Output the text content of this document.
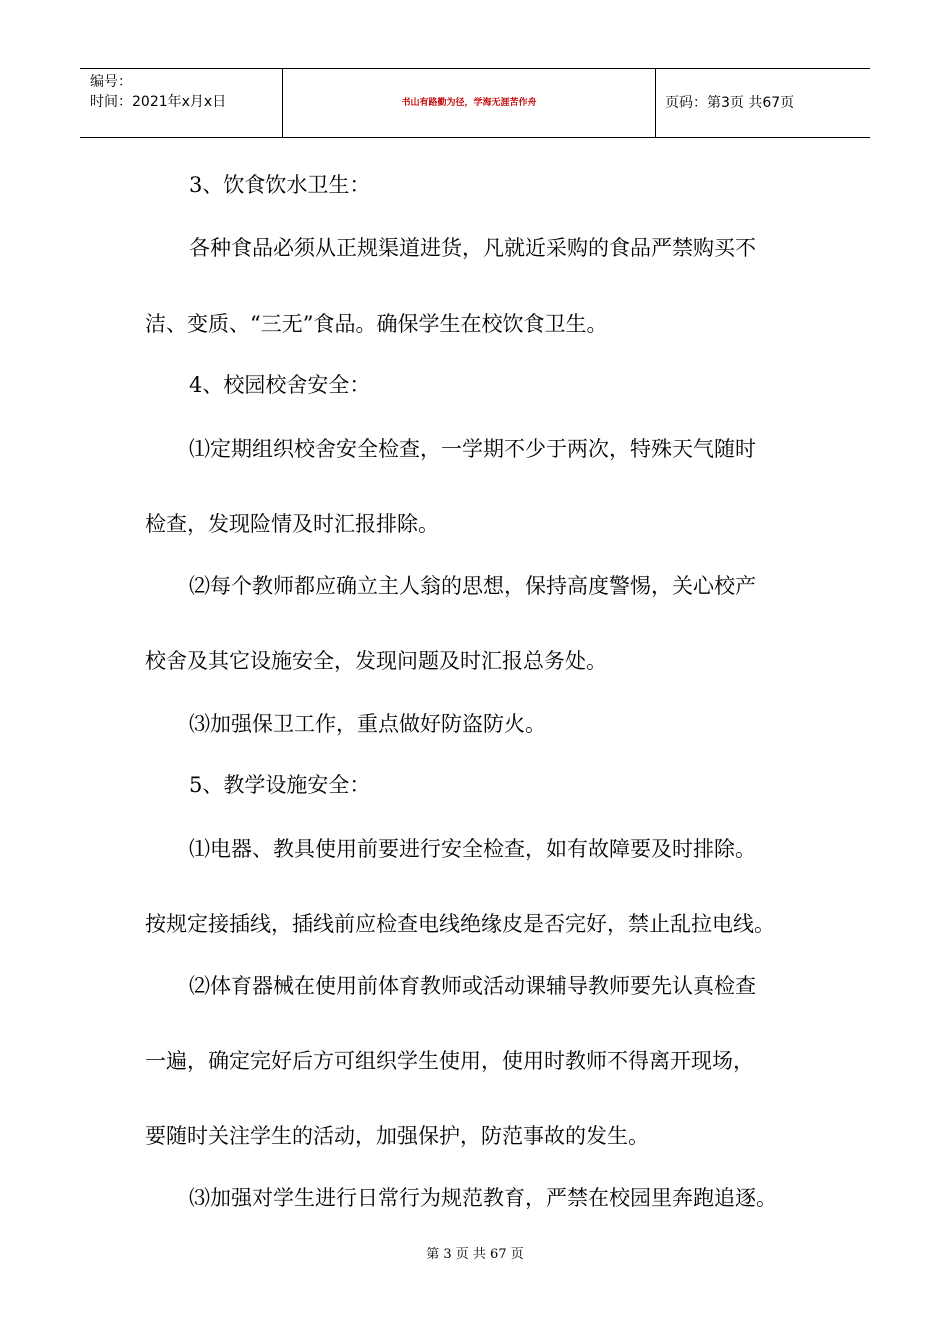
编号：
时间：2021年x月x日	书山有路勤为径，学海无涯苦作舟	页码：第3页 共67页
3、饮食饮水卫生：
各种食品必须从正规渠道进货，凡就近采购的食品严禁购买不
洁、变质、“三无”食品。确保学生在校饮食卫生。
4、校园校舍安全：
⑴定期组织校舍安全检查，一学期不少于两次，特殊天气随时
检查，发现险情及时汇报排除。
⑵每个教师都应确立主人翁的思想，保持高度警惕，关心校产
校舍及其它设施安全，发现问题及时汇报总务处。
⑶加强保卫工作，重点做好防盗防火。
5、教学设施安全：
⑴电器、教具使用前要进行安全检查，如有故障要及时排除。
按规定接插线，插线前应检查电线绝缘皮是否完好，禁止乱拉电线。
⑵体育器械在使用前体育教师或活动课辅导教师要先认真检查
一遍，确定完好后方可组织学生使用，使用时教师不得离开现场，
要随时关注学生的活动，加强保护，防范事故的发生。
⑶加强对学生进行日常行为规范教育，严禁在校园里奔跑追逐。
第 3 页 共 67 页
